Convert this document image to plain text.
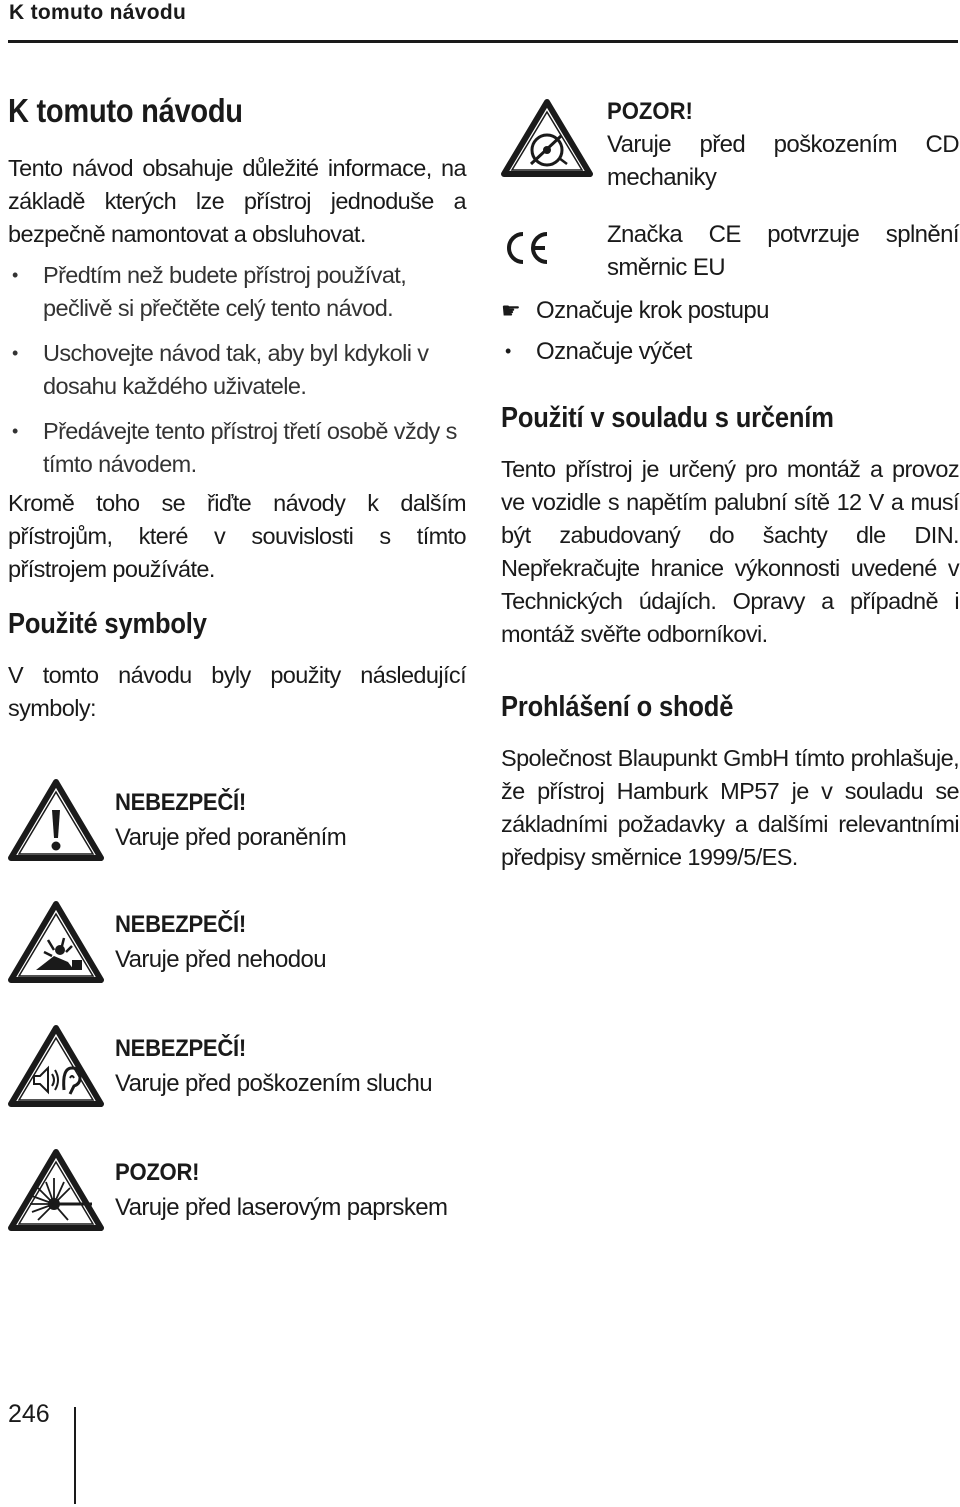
K tomuto návodu
K tomuto návodu

Tento návod obsahuje důležité informace, na základě kterých lze přístroj jednoduše a bezpečně namontovat a obsluhovat.

• Předtím než budete přístroj používat, pečlivě si přečtěte celý tento návod.
• Uschovejte návod tak, aby byl kdykoli v dosahu každého uživatele.
• Předávejte tento přístroj třetí osobě vždy s tímto návodem.

Kromě toho se řiďte návody k dalším přístrojům, které v souvislosti s tímto přístrojem používáte.

Použité symboly

V tomto návodu byly použity následující symboly:

NEBEZPEČÍ!
Varuje před poraněním
NEBEZPEČÍ!
Varuje před nehodou
NEBEZPEČÍ!
Varuje před poškozením sluchu
POZOR!
Varuje před laserovým paprskem
POZOR!
Varuje před poškozením CD mechaniky
Značka CE potvrzuje splnění směrnic EU
☛ Označuje krok postupu
• Označuje výčet
Použití v souladu s určením

Tento přístroj je určený pro montáž a provoz ve vozidle s napětím palubní sítě 12 V a musí být zabudovaný do šachty dle DIN. Nepřekračujte hranice výkonnosti uvedené v Technických údajích. Opravy a případně i montáž svěřte odborníkovi.

Prohlášení o shodě

Společnost Blaupunkt GmbH tímto prohlašuje, že přístroj Hamburk MP57 je v souladu se základními požadavky a dalšími relevantními předpisy směrnice 1999/5/ES.

246
